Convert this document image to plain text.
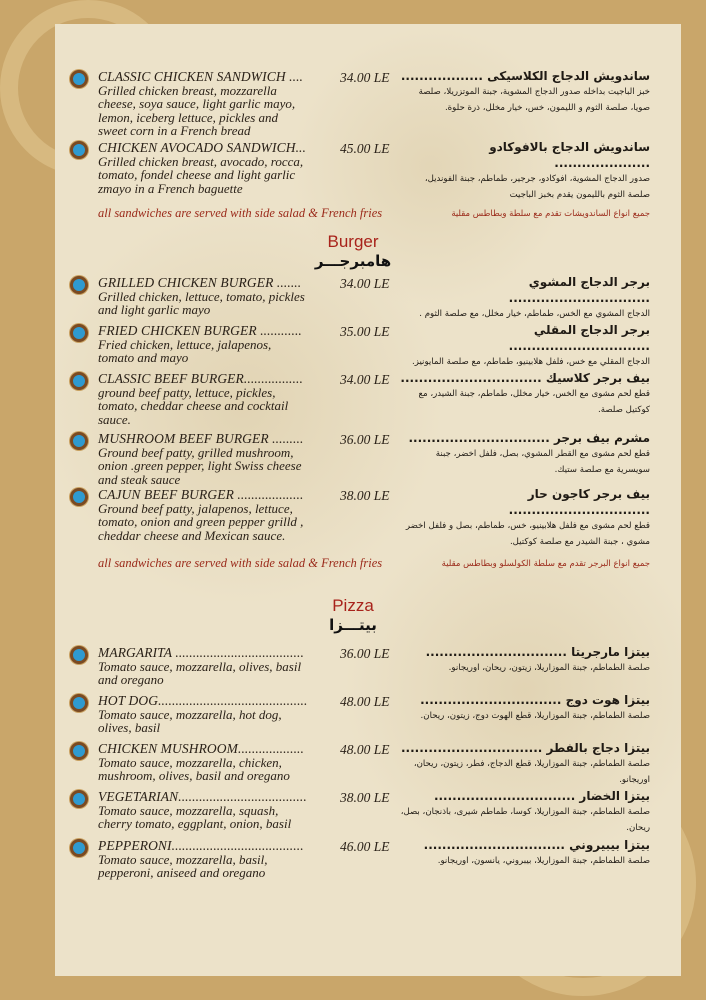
CLASSIC CHICKEN SANDWICH ....
Grilled chicken breast, mozzarella cheese, soya sauce, light garlic mayo, lemon, iceberg lettuce, pickles and sweet corn in a French bread
34.00 LE ساندويش الدجاج الكلاسيكى ..................
خبز الباجيت بداخله صدور الدجاج المشوية، جبنة الموتزريلا، صلصة صويا، صلصة الثوم و الليمون، خس، خيار مخلل، ذرة حلوة.
CHICKEN AVOCADO SANDWICH...
Grilled chicken breast, avocado, rocca, tomato, fondel cheese and light garlic zmayo in a French baguette
45.00 LE	ساندويش الدجاج بالافوكادو .....................
صدور الدجاج المشوية، افوكادو، جرجير، طماطم، جبنة الفونديل، صلصة الثوم بالليمون يقدم بخبز الباجيت
all sandwiches are served with side salad & French fries	جميع انواع الساندويشات تقدم مع سلطة وبطاطس مقلية
Burger
هامبرجـــر
GRILLED CHICKEN BURGER .......
Grilled chicken, lettuce, tomato, pickles and light garlic mayo
34.00 LE	برجر الدجاج المشوي ...............................
الدجاج المشوي مع الخس، طماطم، خيار مخلل، مع صلصة الثوم .
FRIED CHICKEN BURGER ............
Fried chicken, lettuce, jalapenos, tomato and mayo
35.00 LE	برجر الدجاج المقلي ...............................
الدجاج المقلي مع خس، فلفل هلابينيو، طماطم، مع صلصة المايونيز.
CLASSIC BEEF BURGER.................
ground beef patty, lettuce, pickles, tomato, cheddar cheese and cocktail sauce.
34.00 LE بيف برجر كلاسيك ...............................
قطع لحم مشوى مع الخس، خيار مخلل، طماطم، جبنة الشيدر، مع كوكتيل صلصة.
MUSHROOM BEEF BURGER .........
Ground beef patty, grilled mushroom, onion .green pepper, light Swiss cheese and steak sauce
36.00 LE	مشرم بيف برجر ...............................
قطع لحم مشوى مع القطر المشوي، بصل، فلفل اخضر، جبنة سويسرية مع صلصة ستيك.
CAJUN BEEF BURGER ...................
Ground beef patty, jalapenos, lettuce, tomato, onion and green pepper grilld , cheddar cheese and Mexican sauce.
38.00 LE	بيف برجر كاجون حار ...............................
قطع لحم مشوى مع فلفل هلابينيو، خس، طماطم، بصل و فلفل اخضر مشوي ، جبنة الشيدر مع صلصة كوكتيل.
all sandwiches are served with side salad & French fries	جميع انواع البرجر تقدم مع سلطة الكولسلو وبطاطس مقلية
Pizza
بيتـــزا
MARGARITA .....................................
Tomato sauce, mozzarella, olives, basil and oregano
36.00 LE	بيتزا مارجريتا ...............................
صلصة الطماطم، جبنة الموزاريلا، زيتون، ريحان، اوريجانو.
HOT DOG...........................................
Tomato sauce, mozzarella, hot dog, olives, basil
48.00 LE	بيتزا هوت دوج ...............................
صلصة الطماطم، جبنة الموزاريلا، قطع الهوت دوج، زيتون، ريحان.
CHICKEN MUSHROOM...................
Tomato sauce, mozzarella, chicken, mushroom, olives, basil and oregano
48.00 LE بيتزا دجاج بالفطر ...............................
صلصة الطماطم، جبنة الموزاريلا، قطع الدجاج، فطر، زيتون، ريحان، اوريجانو.
VEGETARIAN.....................................
Tomato sauce, mozzarella, squash, cherry tomato, eggplant, onion, basil
38.00 LE	بيتزا الخضار ...............................
صلصة الطماطم، جبنة الموزاريلا، كوسا، طماطم شيرى، باذنجان، بصل، ريحان.
PEPPERONI......................................
Tomato sauce, mozzarella, basil, pepperoni, aniseed and oregano
46.00 LE	بيتزا بيبيروني ...............................
صلصة الطماطم، جبنة الموزاريلا، بيبروني، يانسون، اوريجانو.
